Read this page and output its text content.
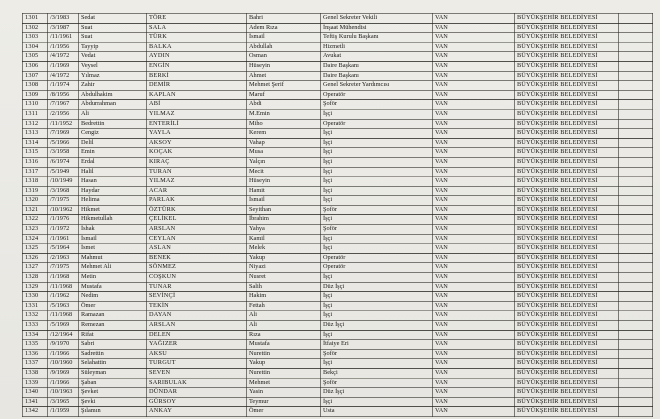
1301	/3/1983	Sedat	TÖRE	Bahri	Genel Sekreter Vekili	VAN	BÜYÜKŞEHİR BELEDİYESİ	
1302	/3/1987	Suat	SALA	Adem Rıza	İnşaat Mühendisi	VAN	BÜYÜKŞEHİR BELEDİYESİ	
1303	/11/1961	Suat	TÜRK	İsmail	Teftiş Kurulu Başkanı	VAN	BÜYÜKŞEHİR BELEDİYESİ	
1304	/1/1956	Tayyip	BALKA	Abdullah	Hizmetli	VAN	BÜYÜKŞEHİR BELEDİYESİ	
1305	/4/1972	Vedat	AYDIN	Osman	Avukat	VAN	BÜYÜKŞEHİR BELEDİYESİ	
1306	/1/1969	Veysel	ENGİN	Hüseyin	Daire Başkanı	VAN	BÜYÜKŞEHİR BELEDİYESİ	
1307	/4/1972	Yılmaz	BERKİ	Ahmet	Daire Başkanı	VAN	BÜYÜKŞEHİR BELEDİYESİ	
1308	/1/1974	Zahir	DEMİR	Mehmet Şerif	Genel Sekreter Yardımcısı	VAN	BÜYÜKŞEHİR BELEDİYESİ	
1309	/8/1956	Abdulhakim	KAPLAN	Maruf	Operatör	VAN	BÜYÜKŞEHİR BELEDİYESİ	
1310	/7/1967	Abdurrahman	ABİ	Abdi	Şoför	VAN	BÜYÜKŞEHİR BELEDİYESİ	
1311	/2/1956	Ali	YILMAZ	M.Emin	İşçi	VAN	BÜYÜKŞEHİR BELEDİYESİ	
1312	/11/1952	Bedrettin	ENTERİLİ	Miho	Operatör	VAN	BÜYÜKŞEHİR BELEDİYESİ	
1313	/7/1969	Cengiz	YAYLA	Kerem	İşçi	VAN	BÜYÜKŞEHİR BELEDİYESİ	
1314	/5/1966	Delil	AKSOY	Vahap	İşçi	VAN	BÜYÜKŞEHİR BELEDİYESİ	
1315	/3/1958	Emin	KOÇAK	Musa	İşçi	VAN	BÜYÜKŞEHİR BELEDİYESİ	
1316	/6/1974	Erdal	KIRAÇ	Yalçın	İşçi	VAN	BÜYÜKŞEHİR BELEDİYESİ	
1317	/5/1949	Halil	TURAN	Mecit	İşçi	VAN	BÜYÜKŞEHİR BELEDİYESİ	
1318	/10/1949	Hasan	YILMAZ	Hüseyin	İşçi	VAN	BÜYÜKŞEHİR BELEDİYESİ	
1319	/3/1968	Haydar	ACAR	Hamit	İşçi	VAN	BÜYÜKŞEHİR BELEDİYESİ	
1320	/7/1975	Helima	PARLAK	İsmail	İşçi	VAN	BÜYÜKŞEHİR BELEDİYESİ	
1321	/10/1962	Hikmet	ÖZTÜRK	Seyithan	Şoför	VAN	BÜYÜKŞEHİR BELEDİYESİ	
1322	/1/1976	Hikmetullah	ÇELİKEL	İbrahim	İşçi	VAN	BÜYÜKŞEHİR BELEDİYESİ	
1323	/1/1972	İshak	ARSLAN	Yahya	Şoför	VAN	BÜYÜKŞEHİR BELEDİYESİ	
1324	/1/1961	İsmail	CEYLAN	Kamil	İşçi	VAN	BÜYÜKŞEHİR BELEDİYESİ	
1325	/5/1964	İsmet	ASLAN	Melek	İşçi	VAN	BÜYÜKŞEHİR BELEDİYESİ	
1326	/2/1963	Mahmut	BENEK	Yakup	Operatör	VAN	BÜYÜKŞEHİR BELEDİYESİ	
1327	/7/1975	Mehmet Ali	SÖNMEZ	Niyazi	Operatör	VAN	BÜYÜKŞEHİR BELEDİYESİ	
1328	/1/1968	Metin	COŞKUN	Nusret	İşçi	VAN	BÜYÜKŞEHİR BELEDİYESİ	
1329	/11/1968	Mustafa	TUNAR	Salih	Düz İşçi	VAN	BÜYÜKŞEHİR BELEDİYESİ	
1330	/1/1962	Nedim	SEVİNÇİ	Hakim	İşçi	VAN	BÜYÜKŞEHİR BELEDİYESİ	
1331	/5/1963	Ömer	TEKİN	Fettah	İşçi	VAN	BÜYÜKŞEHİR BELEDİYESİ	
1332	/11/1968	Ramazan	DAYAN	Ali	İşçi	VAN	BÜYÜKŞEHİR BELEDİYESİ	
1333	/5/1969	Remezan	ARSLAN	Ali	Düz İşçi	VAN	BÜYÜKŞEHİR BELEDİYESİ	
1334	/12/1964	Rifat	DELEN	Rıza	İşçi	VAN	BÜYÜKŞEHİR BELEDİYESİ	
1335	/9/1970	Sabri	YAĞIZER	Mustafa	İtfaiye Eri	VAN	BÜYÜKŞEHİR BELEDİYESİ	
1336	/1/1966	Sadrettin	AKSU	Nurettin	Şoför	VAN	BÜYÜKŞEHİR BELEDİYESİ	
1337	/10/1960	Selahattin	TURGUT	Yakup	İşçi	VAN	BÜYÜKŞEHİR BELEDİYESİ	
1338	/9/1969	Süleyman	SEVEN	Nurettin	Bekçi	VAN	BÜYÜKŞEHİR BELEDİYESİ	
1339	/1/1966	Şaban	SARIBULAK	Mehmet	Şoför	VAN	BÜYÜKŞEHİR BELEDİYESİ	
1340	/10/1963	Şevket	DÜNDAR	Yasin	Düz İşçi	VAN	BÜYÜKŞEHİR BELEDİYESİ	
1341	/3/1965	Şevki	GÜRSOY	Teymur	İşçi	VAN	BÜYÜKŞEHİR BELEDİYESİ	
1342	/1/1959	Şılamın	ANKAY	Ömer	Usta	VAN	BÜYÜKŞEHİR BELEDİYESİ	
